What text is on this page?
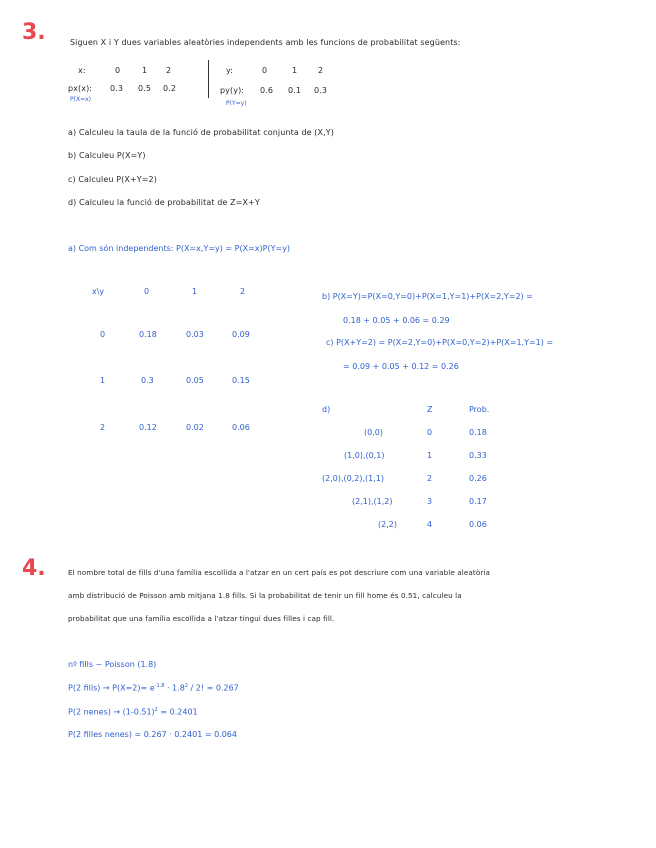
3.	Siguen X i Y dues variables aleatòries independents amb les funcions de probabilitat següents:
x:	0	1 2
px(x): 0.3 0.5 0.2
P(X=x)
y:	0	1	2
py(y): 0.6 0.1 0.3
P(Y=y)
a) Calculeu la taula de la funció de probabilitat conjunta de (X,Y)
b) Calculeu P(X=Y)
c) Calculeu P(X+Y=2)
d) Calculeu la funció de probabilitat de Z=X+Y
a) Com són independents: P(X=x,Y=y) = P(X=x)P(Y=y)
x\y	0	1	2
0	0.18	0.03	0.09
1	0.3	0.05	0.15
2	0.12	0.02	0.06
b) P(X=Y)=P(X=0,Y=0)+P(X=1,Y=1)+P(X=2,Y=2) =
0.18 + 0.05 + 0.06 = 0.29
c) P(X+Y=2) = P(X=2,Y=0)+P(X=0,Y=2)+P(X=1,Y=1) =
= 0.09 + 0.05 + 0.12 = 0.26
d)	Z	Prob.
(0,0)	0	0.18
(1,0),(0,1)	1	0.33
(2,0),(0,2),(1,1)	2	0.26
(2,1),(1,2)	3	0.17
(2,2)	4	0.06
4.	El nombre total de fills d'una família escollida a l'atzar en un cert país es pot descriure com una variable aleatòria
amb distribució de Poisson amb mitjana 1.8 fills. Si la probabilitat de tenir un fill home és 0.51, calculeu la
probabilitat que una família escollida a l'atzar tingui dues filles i cap fill.
nº fills ~ Poisson (1.8)
P(2 fills) → $P(X=2)= e^{-1.8} \cdot 1.8^2 / 2$! = 0.267
P(2 nenes) → $(1-0.51)^2 = 0.2401$
P(2 filles nenes) = 0.267 · 0.2401 = 0.064
